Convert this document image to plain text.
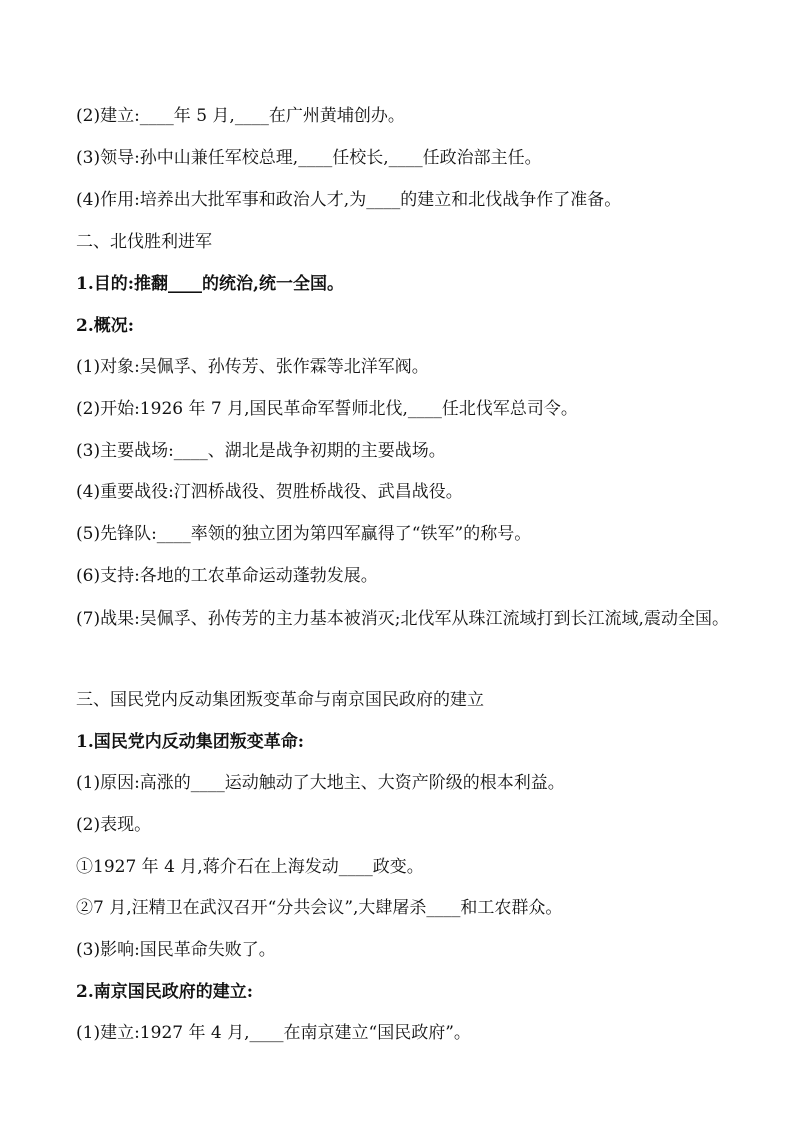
(2)建立:____年 5 月,____在广州黄埔创办。
(3)领导:孙中山兼任军校总理,____任校长,____任政治部主任。
(4)作用:培养出大批军事和政治人才,为____的建立和北伐战争作了准备。
二、北伐胜利进军
1.目的:推翻____的统治,统一全国。
2.概况:
(1)对象:吴佩孚、孙传芳、张作霖等北洋军阀。
(2)开始:1926 年 7 月,国民革命军誓师北伐,____任北伐军总司令。
(3)主要战场:____、湖北是战争初期的主要战场。
(4)重要战役:汀泗桥战役、贺胜桥战役、武昌战役。
(5)先锋队:____率领的独立团为第四军赢得了“铁军”的称号。
(6)支持:各地的工农革命运动蓬勃发展。
(7)战果:吴佩孚、孙传芳的主力基本被消灭;北伐军从珠江流域打到长江流域,震动全国。
三、国民党内反动集团叛变革命与南京国民政府的建立
1.国民党内反动集团叛变革命:
(1)原因:高涨的____运动触动了大地主、大资产阶级的根本利益。
(2)表现。
①1927 年 4 月,蒋介石在上海发动____政变。
②7 月,汪精卫在武汉召开“分共会议”,大肆屠杀____和工农群众。
(3)影响:国民革命失败了。
2.南京国民政府的建立:
(1)建立:1927 年 4 月,____在南京建立“国民政府”。
